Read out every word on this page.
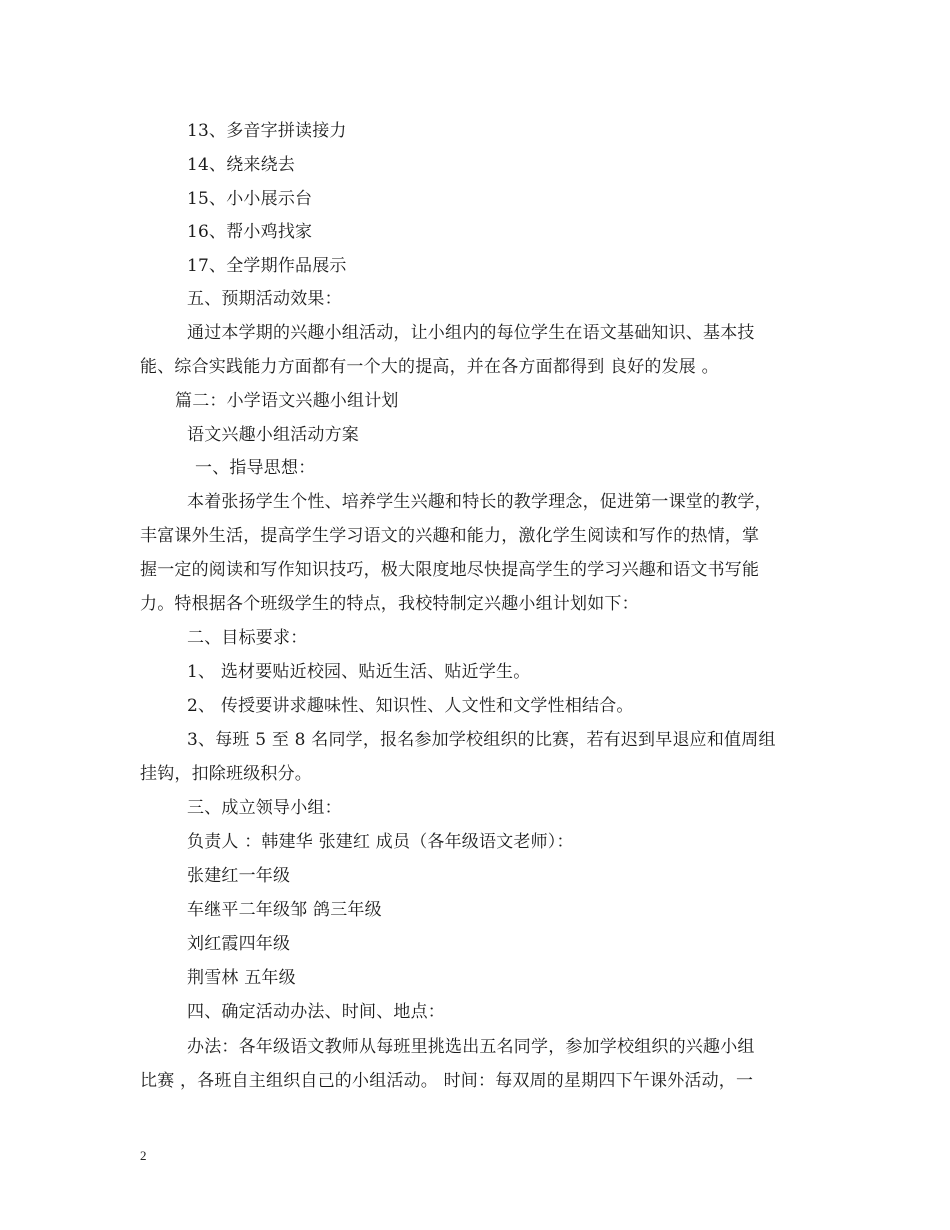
13、多音字拼读接力
14、绕来绕去
15、小小展示台
16、帮小鸡找家
17、全学期作品展示
五、预期活动效果：
通过本学期的兴趣小组活动，让小组内的每位学生在语文基础知识、基本技
能、综合实践能力方面都有一个大的提高，并在各方面都得到 良好的发展 。
篇二：小学语文兴趣小组计划
语文兴趣小组活动方案
一、指导思想：
本着张扬学生个性、培养学生兴趣和特长的教学理念，促进第一课堂的教学，
丰富课外生活，提高学生学习语文的兴趣和能力，激化学生阅读和写作的热情，掌
握一定的阅读和写作知识技巧，极大限度地尽快提高学生的学习兴趣和语文书写能
力。特根据各个班级学生的特点，我校特制定兴趣小组计划如下：
二、目标要求：
1、 选材要贴近校园、贴近生活、贴近学生。
2、 传授要讲求趣味性、知识性、人文性和文学性相结合。
3、每班 5 至 8 名同学，报名参加学校组织的比赛，若有迟到早退应和值周组
挂钩，扣除班级积分。
三、成立领导小组：
负责人 ：韩建华 张建红 成员（各年级语文老师）：
张建红一年级
车继平二年级邹 鸽三年级
刘红霞四年级
荆雪林 五年级
四、确定活动办法、时间、地点：
办法：各年级语文教师从每班里挑选出五名同学，参加学校组织的兴趣小组
比赛 ，各班自主组织自己的小组活动。 时间：每双周的星期四下午课外活动，一
2
